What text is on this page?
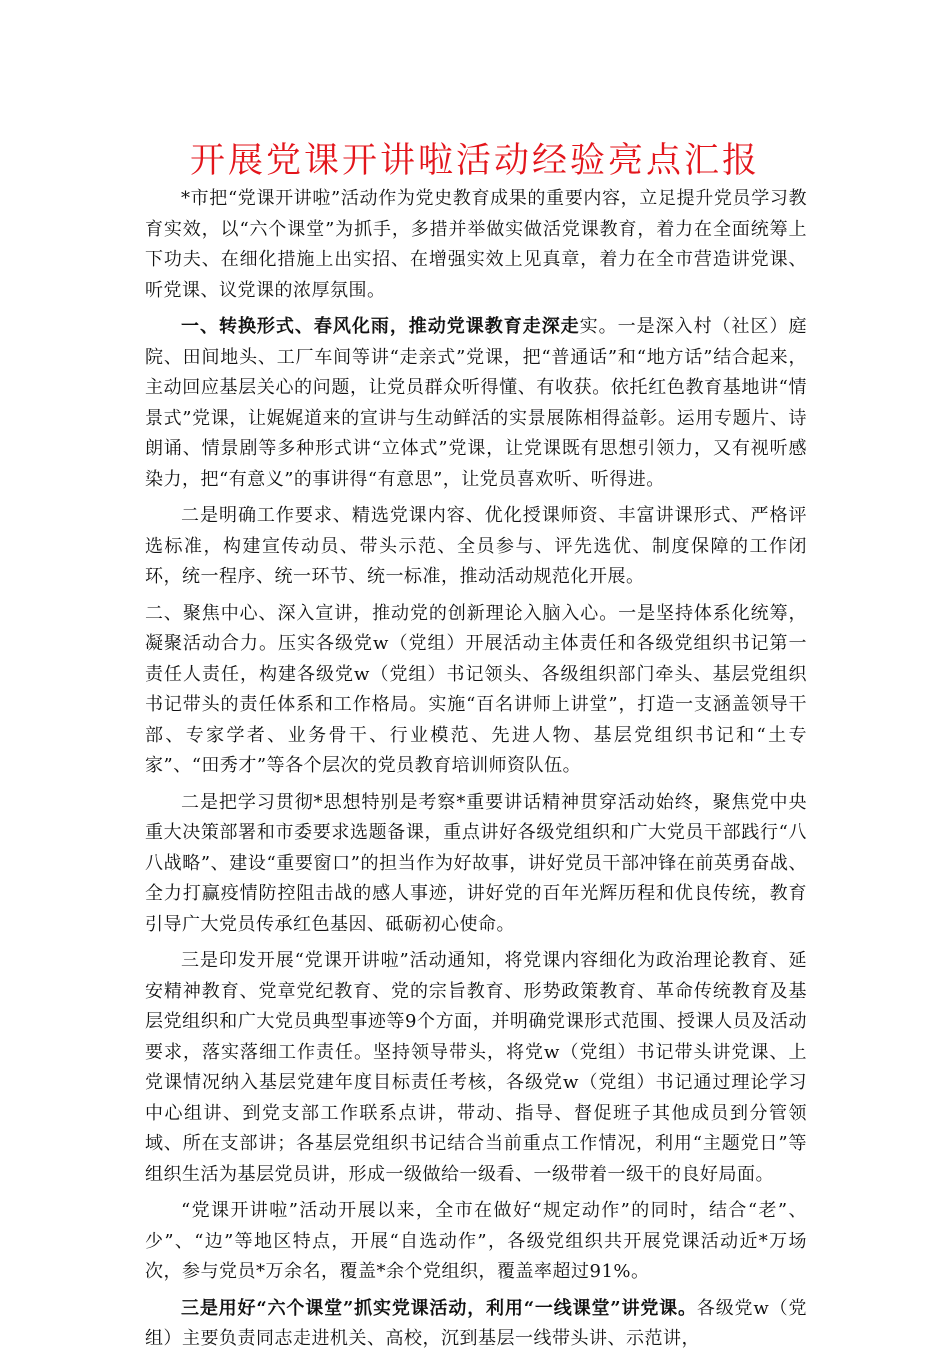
开展党课开讲啦活动经验亮点汇报

*市把“党课开讲啦”活动作为党史教育成果的重要内容，立足提升党员学习教育实效，以“六个课堂”为抓手，多措并举做实做活党课教育，着力在全面统筹上下功夫、在细化措施上出实招、在增强实效上见真章，着力在全市营造讲党课、听党课、议党课的浓厚氛围。

一、转换形式、春风化雨，推动党课教育走深走实。一是深入村（社区）庭院、田间地头、工厂车间等讲“走亲式”党课，把“普通话”和“地方话”结合起来，主动回应基层关心的问题，让党员群众听得懂、有收获。依托红色教育基地讲“情景式”党课，让娓娓道来的宣讲与生动鲜活的实景展陈相得益彰。运用专题片、诗朗诵、情景剧等多种形式讲“立体式”党课，让党课既有思想引领力，又有视听感染力，把“有意义”的事讲得“有意思”，让党员喜欢听、听得进。

二是明确工作要求、精选党课内容、优化授课师资、丰富讲课形式、严格评选标准，构建宣传动员、带头示范、全员参与、评先选优、制度保障的工作闭环，统一程序、统一环节、统一标准，推动活动规范化开展。

二、聚焦中心、深入宣讲，推动党的创新理论入脑入心。一是坚持体系化统筹，凝聚活动合力。压实各级党w（党组）开展活动主体责任和各级党组织书记第一责任人责任，构建各级党w（党组）书记领头、各级组织部门牵头、基层党组织书记带头的责任体系和工作格局。实施“百名讲师上讲堂”，打造一支涵盖领导干部、专家学者、业务骨干、行业模范、先进人物、基层党组织书记和“土专家”、“田秀才”等各个层次的党员教育培训师资队伍。

二是把学习贯彻*思想特别是考察*重要讲话精神贯穿活动始终，聚焦党中央重大决策部署和市委要求选题备课，重点讲好各级党组织和广大党员干部践行“八八战略”、建设“重要窗口”的担当作为好故事，讲好党员干部冲锋在前英勇奋战、全力打赢疫情防控阻击战的感人事迹，讲好党的百年光辉历程和优良传统，教育引导广大党员传承红色基因、砥砺初心使命。

三是印发开展“党课开讲啦”活动通知，将党课内容细化为政治理论教育、延安精神教育、党章党纪教育、党的宗旨教育、形势政策教育、革命传统教育及基层党组织和广大党员典型事迹等9个方面，并明确党课形式范围、授课人员及活动要求，落实落细工作责任。坚持领导带头，将党w（党组）书记带头讲党课、上党课情况纳入基层党建年度目标责任考核，各级党w（党组）书记通过理论学习中心组讲、到党支部工作联系点讲，带动、指导、督促班子其他成员到分管领域、所在支部讲；各基层党组织书记结合当前重点工作情况，利用“主题党日”等组织生活为基层党员讲，形成一级做给一级看、一级带着一级干的良好局面。

“党课开讲啦”活动开展以来，全市在做好“规定动作”的同时，结合“老”、少”、“边”等地区特点，开展“自选动作”，各级党组织共开展党课活动近*万场次，参与党员*万余名，覆盖*余个党组织，覆盖率超过91%。

三是用好“六个课堂”抓实党课活动，利用“一线课堂”讲党课。各级党w（党组）主要负责同志走进机关、高校，沉到基层一线带头讲、示范讲，
